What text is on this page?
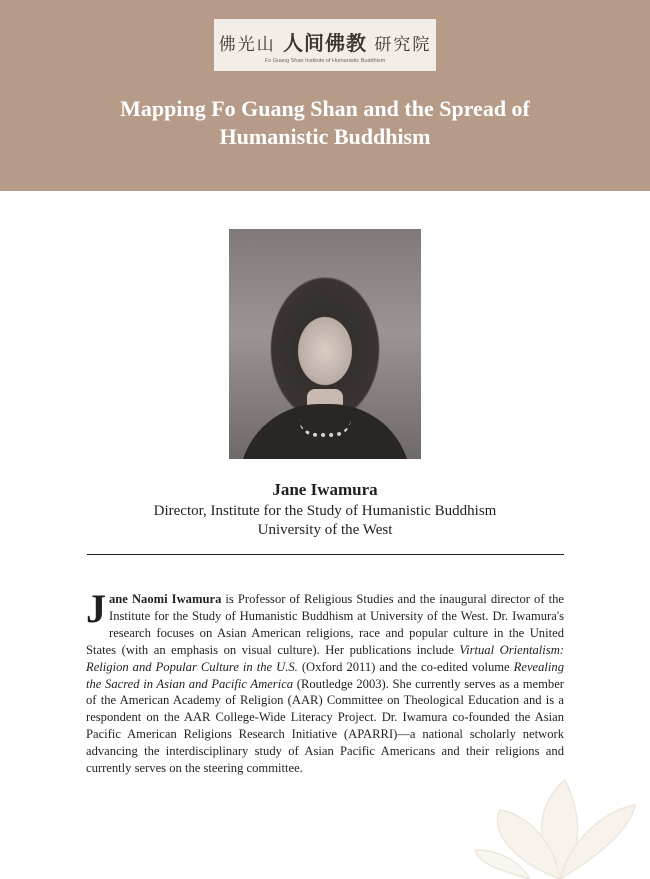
佛光山 人间佛教 研究院
Fo Guang Shan Institute of Humanistic Buddhism
Mapping Fo Guang Shan and the Spread of
Humanistic Buddhism
Jane Iwamura
Director, Institute for the Study of Humanistic Buddhism
University of the West

Jane Naomi Iwamura is Professor of Religious Studies and the inaugural director of the Institute for the Study of Humanistic Buddhism at University of the West. Dr. Iwamura's research focuses on Asian American religions, race and popular culture in the United States (with an emphasis on visual culture). Her publications include Virtual Orientalism: Religion and Popular Culture in the U.S. (Oxford 2011) and the co-edited volume Revealing the Sacred in Asian and Pacific America (Routledge 2003). She currently serves as a member of the American Academy of Religion (AAR) Committee on Theological Education and is a respondent on the AAR College-Wide Literacy Project. Dr. Iwamura co-founded the Asian Pacific American Religions Research Initiative (APARRI)—a national scholarly network advancing the interdisciplinary study of Asian Pacific Americans and their religions and currently serves on the steering committee.
